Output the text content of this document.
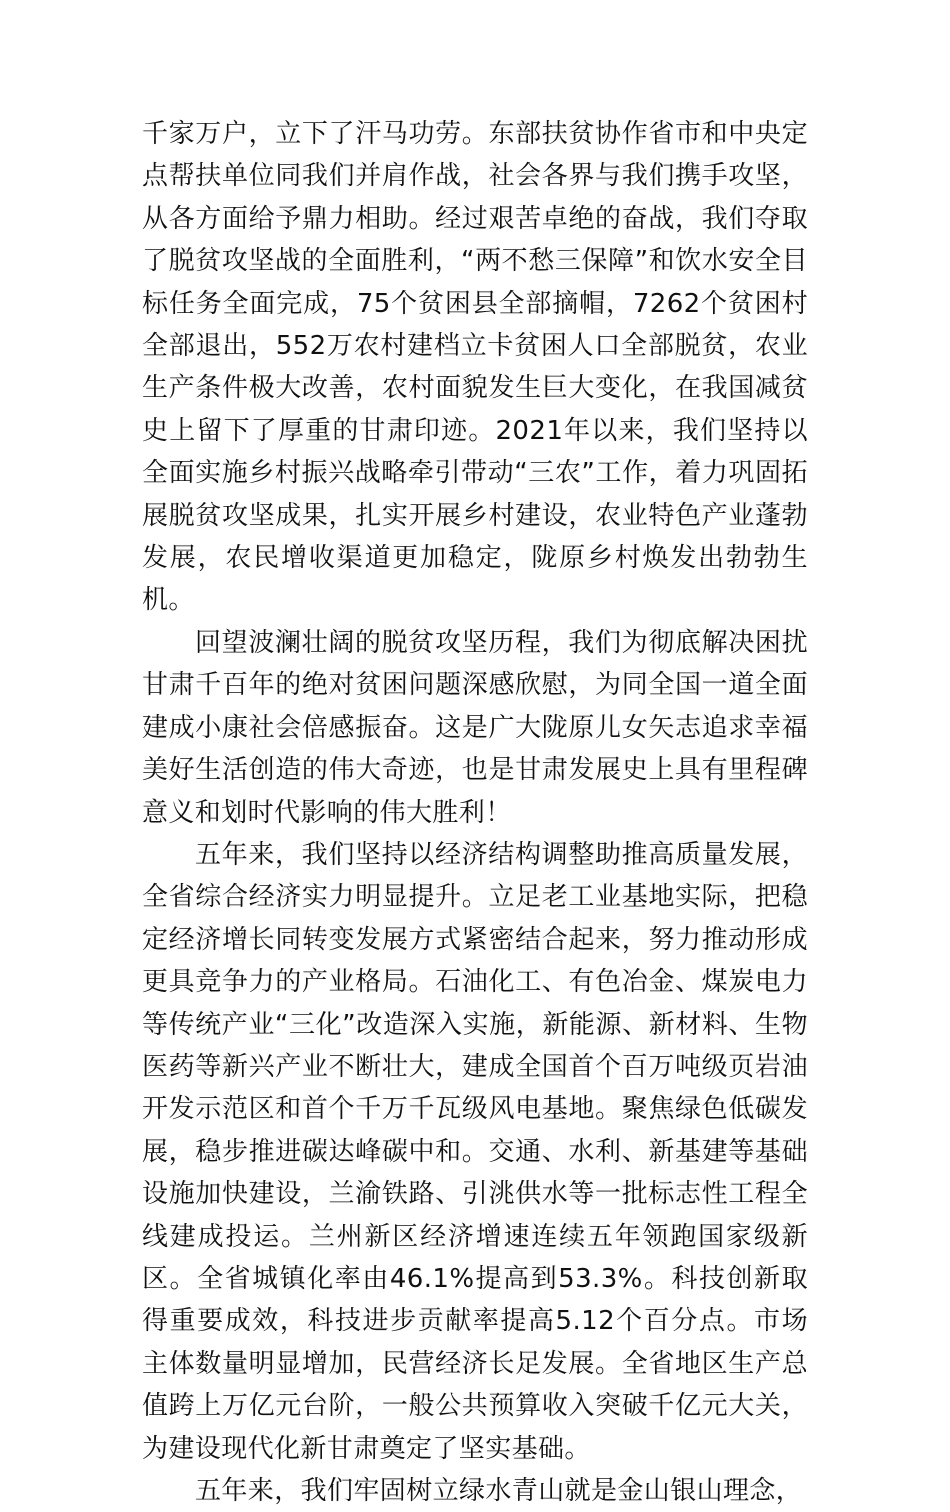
千家万户，立下了汗马功劳。东部扶贫协作省市和中央定点帮扶单位同我们并肩作战，社会各界与我们携手攻坚，从各方面给予鼎力相助。经过艰苦卓绝的奋战，我们夺取了脱贫攻坚战的全面胜利，“两不愁三保障”和饮水安全目标任务全面完成，75个贫困县全部摘帽，7262个贫困村全部退出，552万农村建档立卡贫困人口全部脱贫，农业生产条件极大改善，农村面貌发生巨大变化，在我国减贫史上留下了厚重的甘肃印迹。2021年以来，我们坚持以全面实施乡村振兴战略牵引带动“三农”工作，着力巩固拓展脱贫攻坚成果，扎实开展乡村建设，农业特色产业蓬勃发展，农民增收渠道更加稳定，陇原乡村焕发出勃勃生机。

回望波澜壮阔的脱贫攻坚历程，我们为彻底解决困扰甘肃千百年的绝对贫困问题深感欣慰，为同全国一道全面建成小康社会倍感振奋。这是广大陇原儿女矢志追求幸福美好生活创造的伟大奇迹，也是甘肃发展史上具有里程碑意义和划时代影响的伟大胜利！

五年来，我们坚持以经济结构调整助推高质量发展，全省综合经济实力明显提升。立足老工业基地实际，把稳定经济增长同转变发展方式紧密结合起来，努力推动形成更具竞争力的产业格局。石油化工、有色冶金、煤炭电力等传统产业“三化”改造深入实施，新能源、新材料、生物医药等新兴产业不断壮大，建成全国首个百万吨级页岩油开发示范区和首个千万千瓦级风电基地。聚焦绿色低碳发展，稳步推进碳达峰碳中和。交通、水利、新基建等基础设施加快建设，兰渝铁路、引洮供水等一批标志性工程全线建成投运。兰州新区经济增速连续五年领跑国家级新区。全省城镇化率由46.1%提高到53.3%。科技创新取得重要成效，科技进步贡献率提高5.12个百分点。市场主体数量明显增加，民营经济长足发展。全省地区生产总值跨上万亿元台阶，一般公共预算收入突破千亿元大关，为建设现代化新甘肃奠定了坚实基础。

五年来，我们牢固树立绿水青山就是金山银山理念，
